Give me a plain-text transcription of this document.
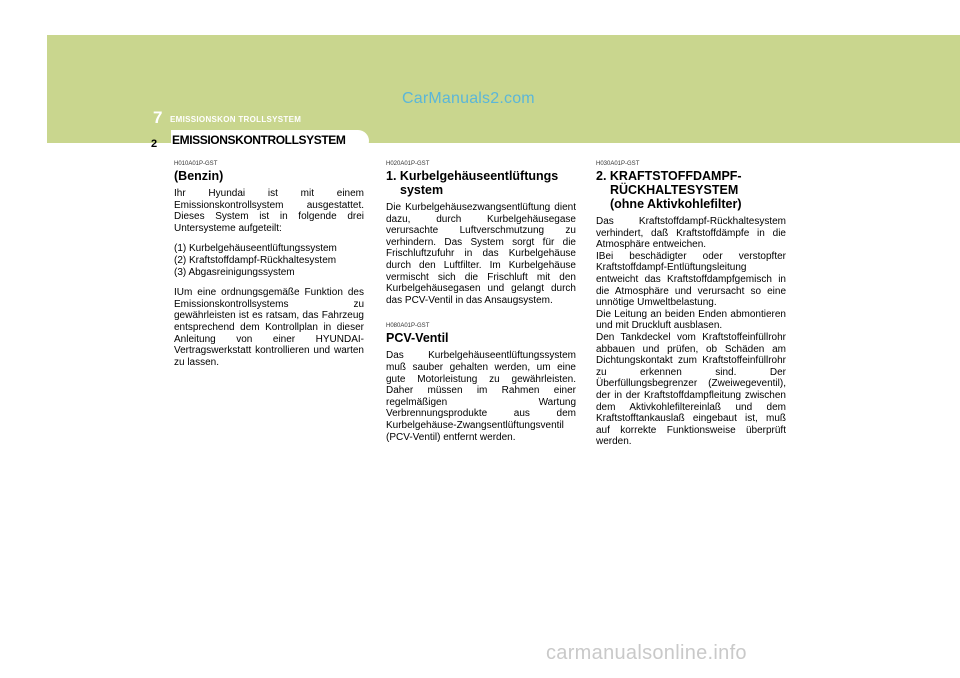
CarManuals2.com
7 EMISSIONSKON TROLLSYSTEM
EMISSIONSKONTROLLSYSTEM
2
H010A01P-GST
(Benzin)

Ihr Hyundai ist mit einem Emissionskontrollsystem ausgestattet. Dieses System ist in folgende drei Untersysteme aufgeteilt:

(1) Kurbelgehäuseentlüftungssystem
(2) Kraftstoffdampf-Rückhaltesystem
(3) Abgasreinigungssystem

IUm eine ordnungsgemäße Funktion des Emissionskontrollsystems zu gewährleisten ist es ratsam, das Fahrzeug entsprechend dem Kontrollplan in dieser Anleitung von einer HYUNDAI-Vertragswerkstatt kontrollieren und warten zu lassen.

H020A01P-GST
1. Kurbelgehäuseentlüftungs
system

Die Kurbelgehäusezwangsentlüftung dient dazu, durch Kurbelgehäusegase verursachte Luftverschmutzung zu verhindern. Das System sorgt für die Frischluftzufuhr in das Kurbelgehäuse durch den Luftfilter. Im Kurbelgehäuse vermischt sich die Frischluft mit den Kurbelgehäusegasen und gelangt durch das PCV-Ventil in das Ansaugsystem.

H080A01P-GST
PCV-Ventil

Das Kurbelgehäuseentlüftungssystem muß sauber gehalten werden, um eine gute Motorleistung zu gewährleisten. Daher müssen im Rahmen einer regelmäßigen Wartung Verbrennungsprodukte aus dem Kurbelgehäuse-Zwangsentlüftungsventil (PCV-Ventil) entfernt werden.

H030A01P-GST
2. KRAFTSTOFFDAMPF-
RÜCKHALTESYSTEM
(ohne Aktivkohlefilter)

Das Kraftstoffdampf-Rückhaltesystem verhindert, daß Kraftstoffdämpfe in die Atmosphäre entweichen.

IBei beschädigter oder verstopfter Kraftstoffdampf-Entlüftungsleitung entweicht das Kraftstoffdampfgemisch in die Atmosphäre und verursacht so eine unnötige Umweltbelastung.

Die Leitung an beiden Enden abmontieren und mit Druckluft ausblasen.

Den Tankdeckel vom Kraftstoffeinfüllrohr abbauen und prüfen, ob Schäden am Dichtungskontakt zum Kraftstoffeinfüllrohr zu erkennen sind. Der Überfüllungsbegrenzer (Zweiwegeventil), der in der Kraftstoffdampfleitung zwischen dem Aktivkohlefiltereinlaß und dem Kraftstofftankauslaß eingebaut ist, muß auf korrekte Funktionsweise überprüft werden.

carmanualsonline.info
